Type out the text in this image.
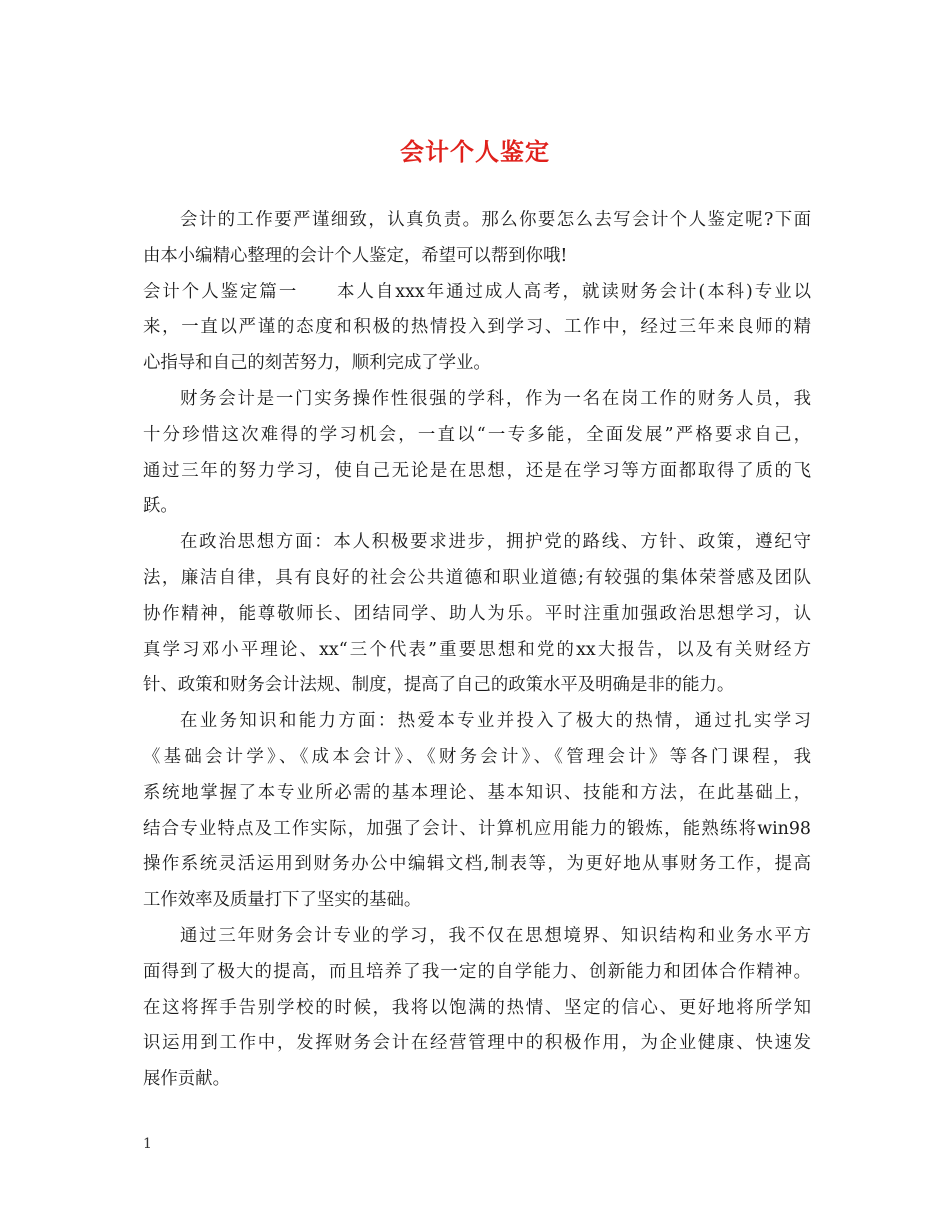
会计个人鉴定
会计的工作要严谨细致，认真负责。那么你要怎么去写会计个人鉴定呢?下面
由本小编精心整理的会计个人鉴定，希望可以帮到你哦!
会计个人鉴定篇一　　本人自xxx年通过成人高考，就读财务会计(本科)专业以
来，一直以严谨的态度和积极的热情投入到学习、工作中，经过三年来良师的精
心指导和自己的刻苦努力，顺利完成了学业。
财务会计是一门实务操作性很强的学科，作为一名在岗工作的财务人员，我
十分珍惜这次难得的学习机会，一直以“一专多能，全面发展”严格要求自己，
通过三年的努力学习，使自己无论是在思想，还是在学习等方面都取得了质的飞
跃。
在政治思想方面：本人积极要求进步，拥护党的路线、方针、政策，遵纪守
法，廉洁自律，具有良好的社会公共道德和职业道德;有较强的集体荣誉感及团队
协作精神，能尊敬师长、团结同学、助人为乐。平时注重加强政治思想学习，认
真学习邓小平理论、xx“三个代表”重要思想和党的xx大报告，以及有关财经方
针、政策和财务会计法规、制度，提高了自己的政策水平及明确是非的能力。
在业务知识和能力方面：热爱本专业并投入了极大的热情，通过扎实学习
《基础会计学》、《成本会计》、《财务会计》、《管理会计》等各门课程，我
系统地掌握了本专业所必需的基本理论、基本知识、技能和方法，在此基础上，
结合专业特点及工作实际，加强了会计、计算机应用能力的锻炼，能熟练将win98
操作系统灵活运用到财务办公中编辑文档,制表等，为更好地从事财务工作，提高
工作效率及质量打下了坚实的基础。
通过三年财务会计专业的学习，我不仅在思想境界、知识结构和业务水平方
面得到了极大的提高，而且培养了我一定的自学能力、创新能力和团体合作精神。
在这将挥手告别学校的时候，我将以饱满的热情、坚定的信心、更好地将所学知
识运用到工作中，发挥财务会计在经营管理中的积极作用，为企业健康、快速发
展作贡献。
1
